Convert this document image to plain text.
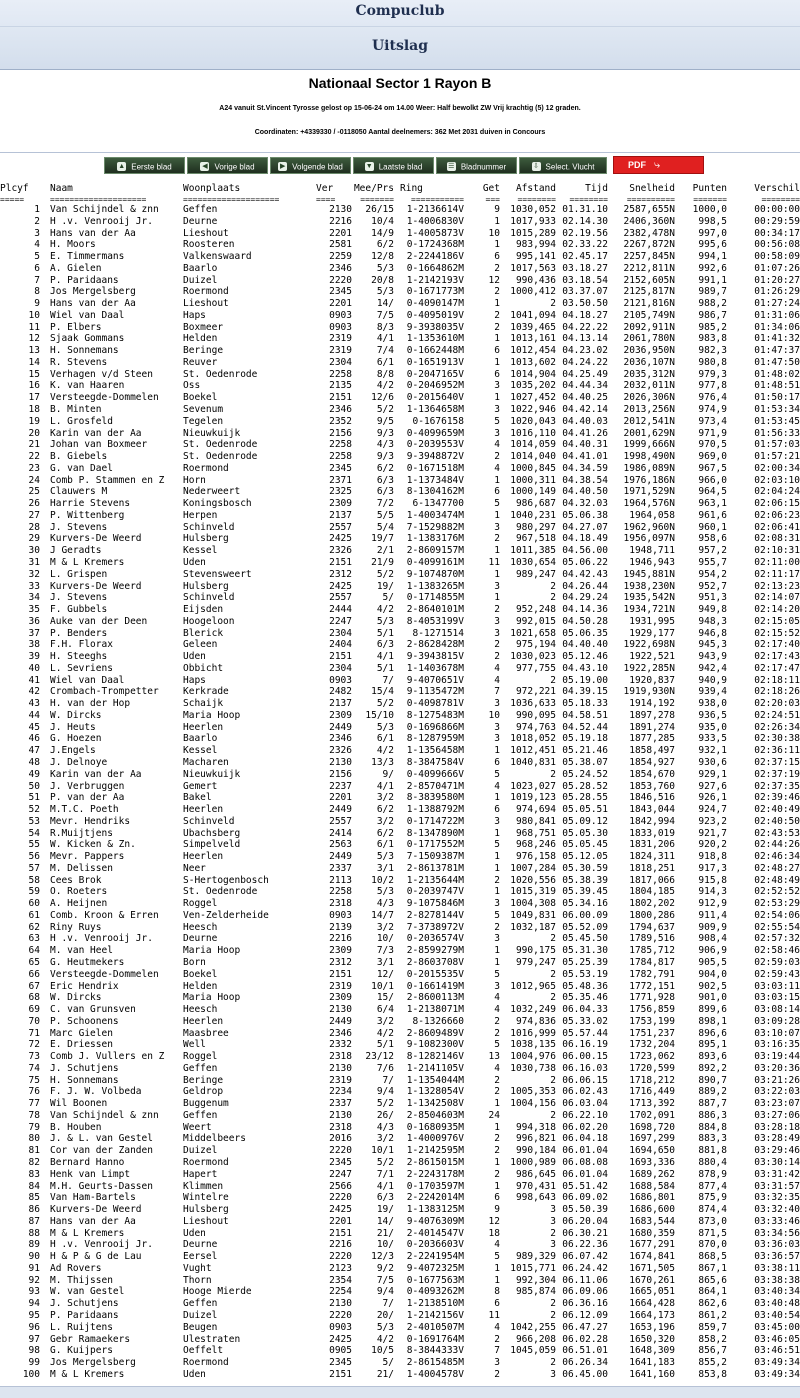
Compuclub
Uitslag
Nationaal Sector 1 Rayon B
A24 vanuit St.Vincent Tyrosse gelost op 15-06-24 om 14.00 Weer: Half bewolkt ZW Vrij krachtig (5) 12 graden.
Coordinaten: +4339330 / -0118050 Aantal deelnemers: 362 Met 2031 duiven in Concours
▲ Eerste blad	◀ Vorige blad	▶ Volgende blad	▼ Laatste blad	☰ Bladnummer	⇩ Select. Vlucht	PDF ⤷
Plcyf	Naam	Woonplaats	Ver	Mee/Prs	Ring	Get	Afstand	Tijd	Snelheid	Punten	Verschil
=====	====================	====================	====	=======	===========	===	========	========	==========	=======	========
1	Van Schijndel & znn	Geffen	2130	26/15	1-2136614V	9	1030,052	01.31.10	2587,655N	1000,0	00:00:00
2	H .v. Venrooij Jr.	Deurne	2216	10/4	1-4006830V	1	1017,933	02.14.30	2406,360N	998,5	00:29:59
3	Hans van der Aa	Lieshout	2201	14/9	1-4005873V	10	1015,289	02.19.56	2382,478N	997,0	00:34:17
4	H. Moors	Roosteren	2581	6/2	0-1724368M	1	983,994	02.33.22	2267,872N	995,6	00:56:08
5	E. Timmermans	Valkenswaard	2259	12/8	2-2244186V	6	995,141	02.45.17	2257,845N	994,1	00:58:09
6	A. Gielen	Baarlo	2346	5/3	0-1664862M	2	1017,563	03.18.27	2212,811N	992,6	01:07:26
7	P. Paridaans	Duizel	2220	20/8	1-2142193V	12	990,436	03.18.54	2152,605N	991,1	01:20:27
8	Jos Mergelsberg	Roermond	2345	5/3	0-1671773M	2	1000,412	03.37.07	2125,817N	989,7	01:26:29
9	Hans van der Aa	Lieshout	2201	14/	0-4090147M	1	2	03.50.50	2121,816N	988,2	01:27:24
10	Wiel van Daal	Haps	0903	7/5	0-4095019V	2	1041,094	04.18.27	2105,749N	986,7	01:31:06
11	P. Elbers	Boxmeer	0903	8/3	9-3938035V	2	1039,465	04.22.22	2092,911N	985,2	01:34:06
12	Sjaak Gommans	Helden	2319	4/1	1-1353610M	1	1013,161	04.13.14	2061,780N	983,8	01:41:32
13	H. Sonnemans	Beringe	2319	7/4	0-1662448M	6	1012,454	04.23.02	2036,950N	982,3	01:47:37
14	R. Stevens	Reuver	2304	6/1	0-1651913V	1	1013,602	04.24.22	2036,107N	980,8	01:47:50
15	Verhagen v/d Steen	St. Oedenrode	2258	8/8	0-2047165V	6	1014,904	04.25.49	2035,312N	979,3	01:48:02
16	K. van Haaren	Oss	2135	4/2	0-2046952M	3	1035,202	04.44.34	2032,011N	977,8	01:48:51
17	Versteegde-Dommelen	Boekel	2151	12/6	0-2015640V	1	1027,452	04.40.25	2026,306N	976,4	01:50:17
18	B. Minten	Sevenum	2346	5/2	1-1364658M	3	1022,946	04.42.14	2013,256N	974,9	01:53:34
19	L. Grosfeld	Tegelen	2352	9/5	0-1676158	5	1020,043	04.40.03	2012,541N	973,4	01:53:45
20	Karin van der Aa	Nieuwkuijk	2156	9/3	0-4099659M	3	1016,110	04.41.26	2001,629N	971,9	01:56:33
21	Johan van Boxmeer	St. Oedenrode	2258	4/3	0-2039553V	4	1014,059	04.40.31	1999,666N	970,5	01:57:03
22	B. Giebels	St. Oedenrode	2258	9/3	9-3948872V	2	1014,040	04.41.01	1998,490N	969,0	01:57:21
23	G. van Dael	Roermond	2345	6/2	0-1671518M	4	1000,845	04.34.59	1986,089N	967,5	02:00:34
24	Comb P. Stammen en Z	Horn	2371	6/3	1-1373484V	1	1000,311	04.38.54	1976,186N	966,0	02:03:10
25	Clauwers M	Nederweert	2325	6/3	8-1304162M	6	1000,149	04.40.50	1971,529N	964,5	02:04:24
26	Harrie Stevens	Koningsbosch	2309	7/2	6-1347700	5	986,687	04.32.03	1964,576N	963,1	02:06:15
27	P. Wittenberg	Herpen	2137	5/5	1-4003474M	1	1040,231	05.06.38	1964,058	961,6	02:06:23
28	J. Stevens	Schinveld	2557	5/4	7-1529882M	3	980,297	04.27.07	1962,960N	960,1	02:06:41
29	Kurvers-De Weerd	Hulsberg	2425	19/7	1-1383176M	2	967,518	04.18.49	1956,097N	958,6	02:08:31
30	J Geradts	Kessel	2326	2/1	2-8609157M	1	1011,385	04.56.00	1948,711	957,2	02:10:31
31	M & L Kremers	Uden	2151	21/9	0-4099161M	11	1030,654	05.06.22	1946,943	955,7	02:11:00
32	L. Grispen	Stevensweert	2312	5/2	9-1074870M	1	989,247	04.42.43	1945,881N	954,2	02:11:17
33	Kurvers-De Weerd	Hulsberg	2425	19/	1-1383265M	3	2	04.26.44	1938,230N	952,7	02:13:23
34	J. Stevens	Schinveld	2557	5/	0-1714855M	1	2	04.29.24	1935,542N	951,3	02:14:07
35	F. Gubbels	Eijsden	2444	4/2	2-8640101M	2	952,248	04.14.36	1934,721N	949,8	02:14:20
36	Auke van der Deen	Hoogeloon	2247	5/3	8-4053199V	3	992,015	04.50.28	1931,995	948,3	02:15:05
37	P. Benders	Blerick	2304	5/1	8-1271514	3	1021,658	05.06.35	1929,177	946,8	02:15:52
38	F.H. Florax	Geleen	2404	6/3	2-8628428M	2	975,194	04.40.40	1922,698N	945,3	02:17:40
39	H. Steeghs	Uden	2151	4/1	9-3943815V	2	1030,023	05.12.46	1922,521	943,9	02:17:43
40	L. Sevriens	Obbicht	2304	5/1	1-1403678M	4	977,755	04.43.10	1922,285N	942,4	02:17:47
41	Wiel van Daal	Haps	0903	7/	9-4070651V	4	2	05.19.00	1920,837	940,9	02:18:11
42	Crombach-Trompetter	Kerkrade	2482	15/4	9-1135472M	7	972,221	04.39.15	1919,930N	939,4	02:18:26
43	H. van der Hop	Schaijk	2137	5/2	0-4098781V	3	1036,633	05.18.33	1914,192	938,0	02:20:03
44	W. Dircks	Maria Hoop	2309	15/10	8-1275483M	10	990,095	04.58.51	1897,278	936,5	02:24:51
45	J. Heuts	Heerlen	2449	5/3	0-1696866M	3	974,763	04.52.44	1891,274	935,0	02:26:34
46	G. Hoezen	Baarlo	2346	6/1	8-1287959M	3	1018,052	05.19.18	1877,285	933,5	02:30:38
47	J.Engels	Kessel	2326	4/2	1-1356458M	1	1012,451	05.21.46	1858,497	932,1	02:36:11
48	J. Delnoye	Macharen	2130	13/3	8-3847584V	6	1040,831	05.38.07	1854,927	930,6	02:37:15
49	Karin van der Aa	Nieuwkuijk	2156	9/	0-4099666V	5	2	05.24.52	1854,670	929,1	02:37:19
50	J. Verbruggen	Gemert	2237	4/1	2-8570471M	4	1023,027	05.28.52	1853,760	927,6	02:37:35
51	P. van der Aa	Bakel	2201	3/2	8-3839580M	1	1019,123	05.28.55	1846,516	926,1	02:39:46
52	M.T.C. Poeth	Heerlen	2449	6/2	1-1388792M	6	974,694	05.05.51	1843,044	924,7	02:40:49
53	Mevr. Hendriks	Schinveld	2557	3/2	0-1714722M	3	980,841	05.09.12	1842,994	923,2	02:40:50
54	R.Muijtjens	Ubachsberg	2414	6/2	8-1347890M	1	968,751	05.05.30	1833,019	921,7	02:43:53
55	W. Kicken & Zn.	Simpelveld	2563	6/1	0-1717552M	5	968,246	05.05.45	1831,206	920,2	02:44:26
56	Mevr. Pappers	Heerlen	2449	5/3	7-1509387M	1	976,158	05.12.05	1824,311	918,8	02:46:34
57	M. Delissen	Neer	2337	3/1	2-8613781M	1	1007,284	05.30.59	1818,251	917,3	02:48:27
58	Cees Brok	S-Hertogenbosch	2113	10/2	1-2135644M	2	1020,556	05.38.39	1817,066	915,8	02:48:49
59	O. Roeters	St. Oedenrode	2258	5/3	0-2039747V	1	1015,319	05.39.45	1804,185	914,3	02:52:52
60	A. Heijnen	Roggel	2318	4/3	9-1075846M	3	1004,308	05.34.16	1802,202	912,9	02:53:29
61	Comb. Kroon & Erren	Ven-Zelderheide	0903	14/7	2-8278144V	5	1049,831	06.00.09	1800,286	911,4	02:54:06
62	Riny Ruys	Heesch	2139	3/2	7-3738972V	2	1032,187	05.52.09	1794,637	909,9	02:55:54
63	H .v. Venrooij Jr.	Deurne	2216	10/	0-2036574V	3	2	05.45.50	1789,516	908,4	02:57:32
64	M. van Heel	Maria Hoop	2309	7/3	2-8599279M	1	990,175	05.31.30	1785,712	906,9	02:58:46
65	G. Heutmekers	Born	2312	3/1	2-8603708V	1	979,247	05.25.39	1784,817	905,5	02:59:03
66	Versteegde-Dommelen	Boekel	2151	12/	0-2015535V	5	2	05.53.19	1782,791	904,0	02:59:43
67	Eric Hendrix	Helden	2319	10/1	0-1661419M	3	1012,965	05.48.36	1772,151	902,5	03:03:11
68	W. Dircks	Maria Hoop	2309	15/	2-8600113M	4	2	05.35.46	1771,928	901,0	03:03:15
69	C. van Grunsven	Heesch	2130	6/4	1-2138071M	4	1032,249	06.04.33	1756,859	899,6	03:08:14
70	P. Schoonens	Heerlen	2449	3/2	8-1326660	2	974,836	05.33.02	1753,199	898,1	03:09:28
71	Marc Gielen	Maasbree	2346	4/2	2-8609489V	2	1016,999	05.57.44	1751,237	896,6	03:10:07
72	E. Driessen	Well	2332	5/1	9-1082300V	5	1038,135	06.16.19	1732,204	895,1	03:16:35
73	Comb J. Vullers en Z	Roggel	2318	23/12	8-1282146V	13	1004,976	06.00.15	1723,062	893,6	03:19:44
74	J. Schutjens	Geffen	2130	7/6	1-2141105V	4	1030,738	06.16.03	1720,599	892,2	03:20:36
75	H. Sonnemans	Beringe	2319	7/	1-1354044M	2	2	06.06.15	1718,212	890,7	03:21:26
76	F. J. W. Volbeda	Geldrop	2234	9/4	1-1328054V	2	1005,353	06.02.43	1716,449	889,2	03:22:03
77	Wil Boonen	Buggenum	2337	5/2	1-1342508V	1	1004,156	06.03.04	1713,392	887,7	03:23:07
78	Van Schijndel & znn	Geffen	2130	26/	2-8504603M	24	2	06.22.10	1702,091	886,3	03:27:06
79	B. Houben	Weert	2318	4/3	0-1680935M	1	994,318	06.02.20	1698,720	884,8	03:28:18
80	J. & L. van Gestel	Middelbeers	2016	3/2	1-4000976V	2	996,821	06.04.18	1697,299	883,3	03:28:49
81	Cor van der Zanden	Duizel	2220	10/1	1-2142595M	2	990,184	06.01.04	1694,650	881,8	03:29:46
82	Bernard Hanno	Roermond	2345	5/2	2-8615015M	1	1000,989	06.08.08	1693,336	880,4	03:30:14
83	Henk van Limpt	Hapert	2247	7/1	2-2243178M	2	986,645	06.01.04	1689,262	878,9	03:31:42
84	M.H. Geurts-Dassen	Klimmen	2566	4/1	0-1703597M	1	970,431	05.51.42	1688,584	877,4	03:31:57
85	Van Ham-Bartels	Wintelre	2220	6/3	2-2242014M	6	998,643	06.09.02	1686,801	875,9	03:32:35
86	Kurvers-De Weerd	Hulsberg	2425	19/	1-1383125M	9	3	05.50.39	1686,600	874,4	03:32:40
87	Hans van der Aa	Lieshout	2201	14/	9-4076309M	12	3	06.20.04	1683,544	873,0	03:33:46
88	M & L Kremers	Uden	2151	21/	2-4014547V	18	2	06.30.21	1680,359	871,5	03:34:56
89	H .v. Venrooij Jr.	Deurne	2216	10/	0-2036603V	4	3	06.22.36	1677,291	870,0	03:36:03
90	H & P & G de Lau	Eersel	2220	12/3	2-2241954M	5	989,329	06.07.42	1674,841	868,5	03:36:57
91	Ad Rovers	Vught	2123	9/2	9-4072325M	1	1015,771	06.24.42	1671,505	867,1	03:38:11
92	M. Thijssen	Thorn	2354	7/5	0-1677563M	1	992,304	06.11.06	1670,261	865,6	03:38:38
93	W. van Gestel	Hooge Mierde	2254	9/4	0-4093262M	8	985,874	06.09.06	1665,051	864,1	03:40:34
94	J. Schutjens	Geffen	2130	7/	1-2138510M	6	2	06.36.16	1664,428	862,6	03:40:48
95	P. Paridaans	Duizel	2220	20/	1-2142156V	11	2	06.12.09	1664,173	861,2	03:40:54
96	L. Ruijtens	Beugen	0903	5/3	2-4010507M	4	1042,255	06.47.27	1653,196	859,7	03:45:00
97	Gebr Ramaekers	Ulestraten	2425	4/2	0-1691764M	2	966,208	06.02.28	1650,320	858,2	03:46:05
98	G. Kuijpers	Oeffelt	0905	10/5	8-3844333V	7	1045,059	06.51.01	1648,309	856,7	03:46:51
99	Jos Mergelsberg	Roermond	2345	5/	2-8615485M	3	2	06.26.34	1641,183	855,2	03:49:34
100	M & L Kremers	Uden	2151	21/	1-4004578V	2	3	06.45.00	1641,160	853,8	03:49:34
